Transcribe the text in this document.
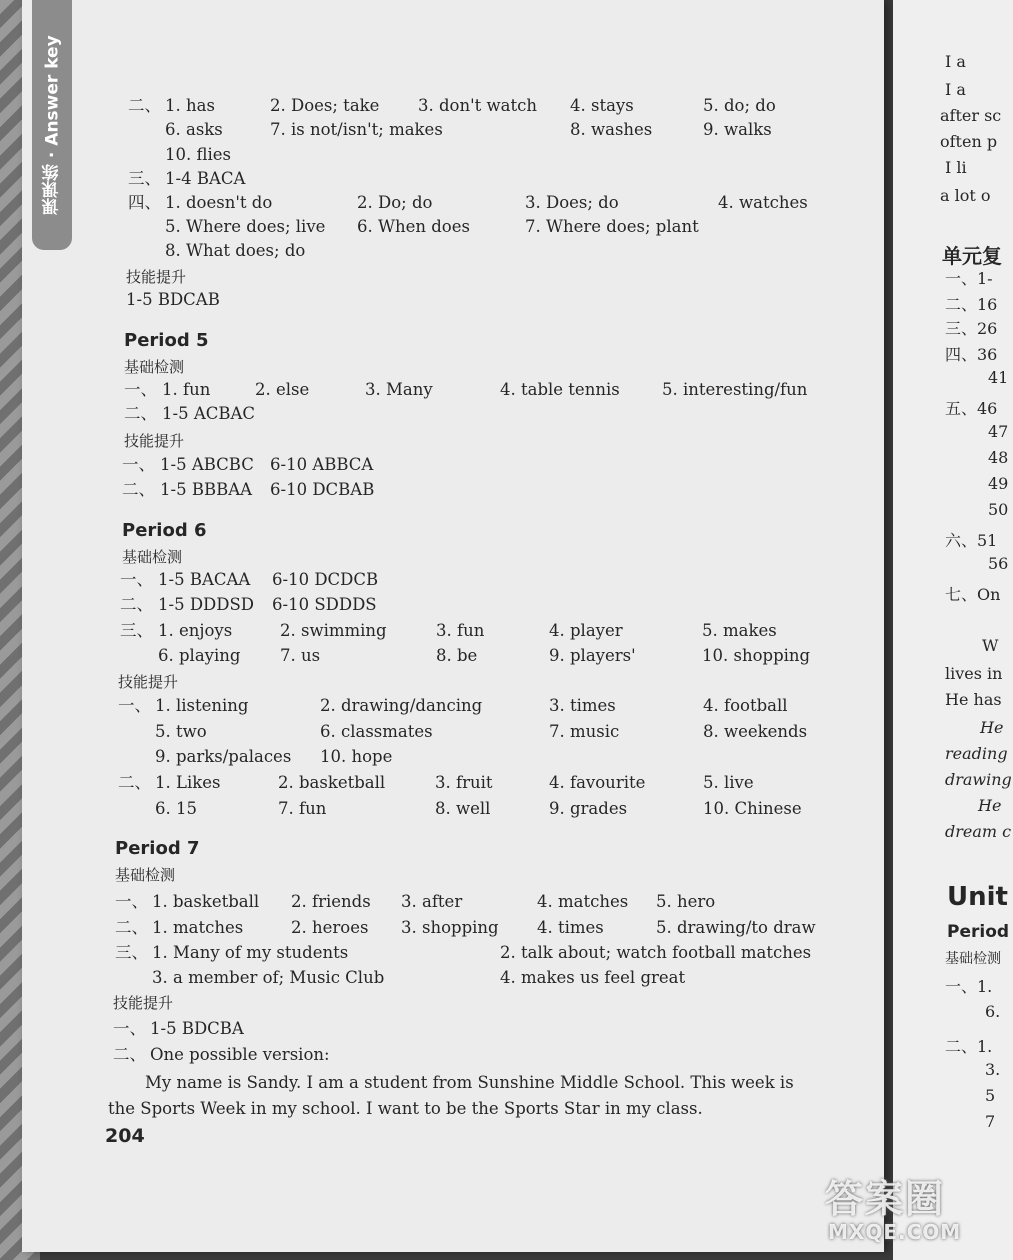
课课练 · Answer key	二、 1. has	2. Does; take 3. don't watch 4. stays	5. do; do
6. asks	7. is not/isn't; makes	8. washes	9. walks
10. flies
三、 1-4 BACA
四、 1. doesn't do	2. Do; do	3. Does; do	4. watches
5. Where does; live 6. When does	7. Where does; plant
8. What does; do
技能提升
1-5 BDCAB
Period 5
基础检测
一、 1. fun	2. else	3. Many	4. table tennis	5. interesting/fun
二、 1-5 ACBAC
技能提升
一、 1-5 ABCBC 6-10 ABBCA
二、 1-5 BBBAA 6-10 DCBAB
Period 6
基础检测
一、 1-5 BACAA 6-10 DCDCB
二、 1-5 DDDSD 6-10 SDDDS
三、 1. enjoys	2. swimming	3. fun	4. player	5. makes
6. playing 7. us	8. be	9. players'	10. shopping
技能提升
一、 1. listening	2. drawing/dancing	3. times	4. football
5. two	6. classmates	7. music	8. weekends
9. parks/palaces 10. hope
二、 1. Likes	2. basketball	3. fruit	4. favourite	5. live
6. 15	7. fun	8. well	9. grades	10. Chinese
Period 7
基础检测
一、 1. basketball 2. friends 3. after	4. matches 5. hero
二、 1. matches	2. heroes 3. shopping 4. times	5. drawing/to draw
三、 1. Many of my students	2. talk about; watch football matches
3. a member of; Music Club	4. makes us feel great
技能提升
一、 1-5 BDCBA
二、 One possible version:
My name is Sandy. I am a student from Sunshine Middle School. This week is
the Sports Week in my school. I want to be the Sports Star in my class.
204
I a
I a
after sc
often p
I li
a lot o
单元复
一、1-
二、16
三、26
四、36
41
五、46
47
48
49
50
六、51
56
七、On
W
lives in
He has
He
reading
drawing
He
dream c
Unit
Period
基础检测
一、1.
6.
二、1.
3.
5
7
答案圈
MXQE.COM
